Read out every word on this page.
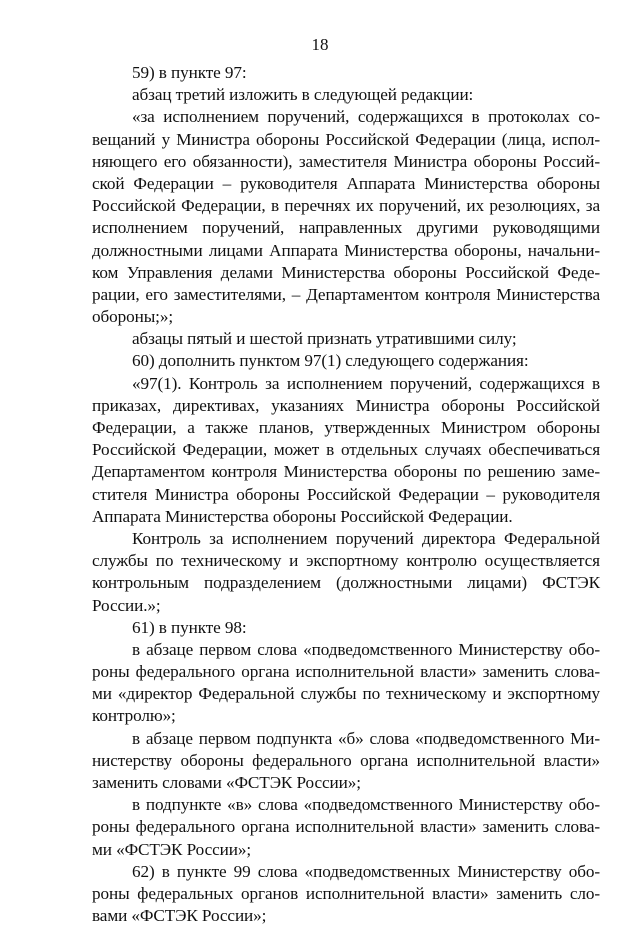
18
59) в пункте 97:
абзац третий изложить в следующей редакции:
«за исполнением поручений, содержащихся в протоколах со-
вещаний у Министра обороны Российской Федерации (лица, испол-
няющего его обязанности), заместителя Министра обороны Россий-
ской Федерации – руководителя Аппарата Министерства обороны
Российской Федерации, в перечнях их поручений, их резолюциях, за
исполнением поручений, направленных другими руководящими
должностными лицами Аппарата Министерства обороны, начальни-
ком Управления делами Министерства обороны Российской Феде-
рации, его заместителями, – Департаментом контроля Министерства
обороны;»;
абзацы пятый и шестой признать утратившими силу;
60) дополнить пунктом 97(1) следующего содержания:
«97(1). Контроль за исполнением поручений, содержащихся в
приказах, директивах, указаниях Министра обороны Российской
Федерации, а также планов, утвержденных Министром обороны
Российской Федерации, может в отдельных случаях обеспечиваться
Департаментом контроля Министерства обороны по решению заме-
стителя Министра обороны Российской Федерации – руководителя
Аппарата Министерства обороны Российской Федерации.
Контроль за исполнением поручений директора Федеральной
службы по техническому и экспортному контролю осуществляется
контрольным подразделением (должностными лицами) ФСТЭК
России.»;
61) в пункте 98:
в абзаце первом слова «подведомственного Министерству обо-
роны федерального органа исполнительной власти» заменить слова-
ми «директор Федеральной службы по техническому и экспортному
контролю»;
в абзаце первом подпункта «б» слова «подведомственного Ми-
нистерству обороны федерального органа исполнительной власти»
заменить словами «ФСТЭК России»;
в подпункте «в» слова «подведомственного Министерству обо-
роны федерального органа исполнительной власти» заменить слова-
ми «ФСТЭК России»;
62) в пункте 99 слова «подведомственных Министерству обо-
роны федеральных органов исполнительной власти» заменить сло-
вами «ФСТЭК России»;
